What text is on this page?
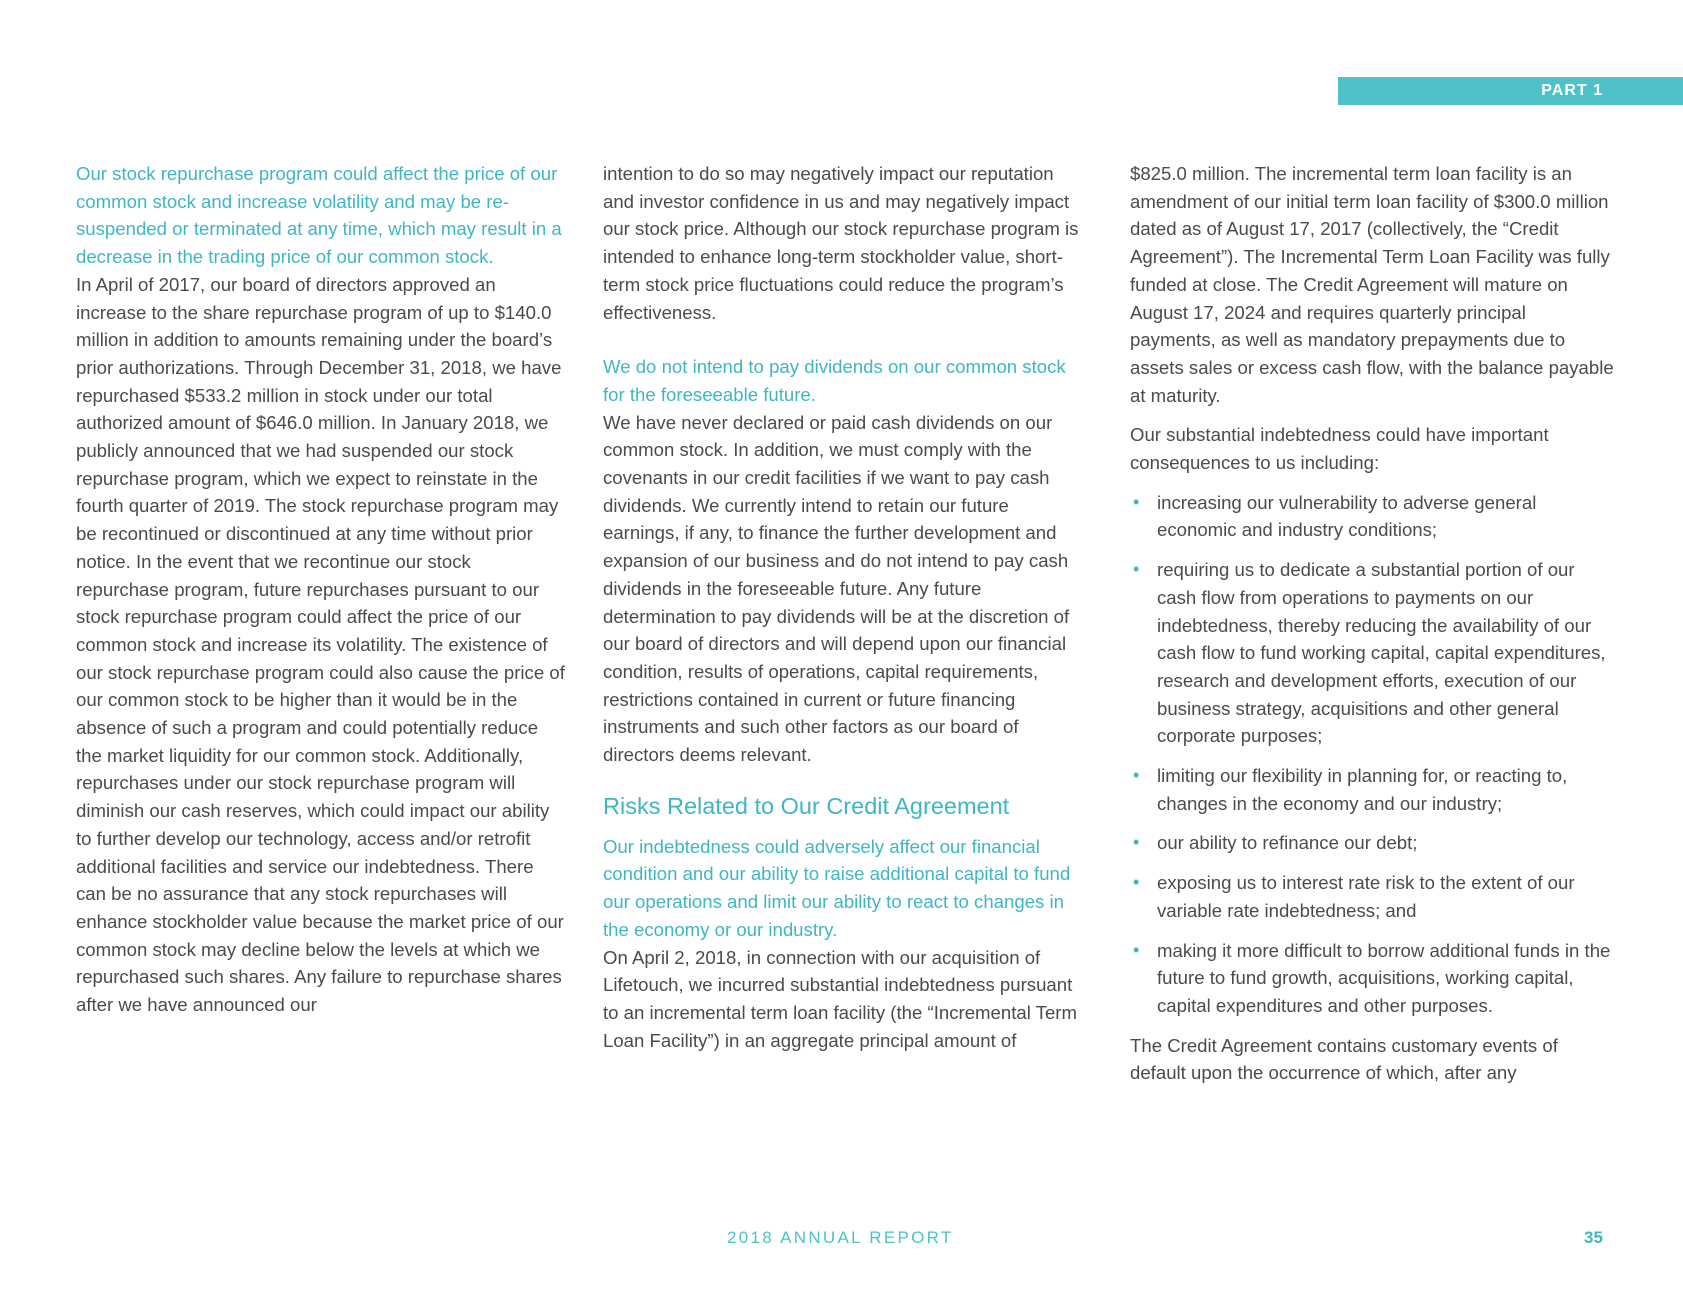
PART 1

Our stock repurchase program could affect the price of our common stock and increase volatility and may be re-suspended or terminated at any time, which may result in a decrease in the trading price of our common stock.

In April of 2017, our board of directors approved an increase to the share repurchase program of up to $140.0 million in addition to amounts remaining under the board’s prior authorizations. Through December 31, 2018, we have repurchased $533.2 million in stock under our total authorized amount of $646.0 million. In January 2018, we publicly announced that we had suspended our stock repurchase program, which we expect to reinstate in the fourth quarter of 2019. The stock repurchase program may be recontinued or discontinued at any time without prior notice. In the event that we recontinue our stock repurchase program, future repurchases pursuant to our stock repurchase program could affect the price of our common stock and increase its volatility. The existence of our stock repurchase program could also cause the price of our common stock to be higher than it would be in the absence of such a program and could potentially reduce the market liquidity for our common stock. Additionally, repurchases under our stock repurchase program will diminish our cash reserves, which could impact our ability to further develop our technology, access and/or retrofit additional facilities and service our indebtedness. There can be no assurance that any stock repurchases will enhance stockholder value because the market price of our common stock may decline below the levels at which we repurchased such shares. Any failure to repurchase shares after we have announced our

intention to do so may negatively impact our reputation and investor confidence in us and may negatively impact our stock price. Although our stock repurchase program is intended to enhance long-term stockholder value, short-term stock price fluctuations could reduce the program’s effectiveness.

We do not intend to pay dividends on our common stock for the foreseeable future.

We have never declared or paid cash dividends on our common stock. In addition, we must comply with the covenants in our credit facilities if we want to pay cash dividends. We currently intend to retain our future earnings, if any, to finance the further development and expansion of our business and do not intend to pay cash dividends in the foreseeable future. Any future determination to pay dividends will be at the discretion of our board of directors and will depend upon our financial condition, results of operations, capital requirements, restrictions contained in current or future financing instruments and such other factors as our board of directors deems relevant.

Risks Related to Our Credit Agreement

Our indebtedness could adversely affect our financial condition and our ability to raise additional capital to fund our operations and limit our ability to react to changes in the economy or our industry.

On April 2, 2018, in connection with our acquisition of Lifetouch, we incurred substantial indebtedness pursuant to an incremental term loan facility (the “Incremental Term Loan Facility”) in an aggregate principal amount of

$825.0 million. The incremental term loan facility is an amendment of our initial term loan facility of $300.0 million dated as of August 17, 2017 (collectively, the “Credit Agreement”). The Incremental Term Loan Facility was fully funded at close. The Credit Agreement will mature on August 17, 2024 and requires quarterly principal payments, as well as mandatory prepayments due to assets sales or excess cash flow, with the balance payable at maturity.

Our substantial indebtedness could have important consequences to us including:

• increasing our vulnerability to adverse general economic and industry conditions;
• requiring us to dedicate a substantial portion of our cash flow from operations to payments on our indebtedness, thereby reducing the availability of our cash flow to fund working capital, capital expenditures, research and development efforts, execution of our business strategy, acquisitions and other general corporate purposes;
• limiting our flexibility in planning for, or reacting to, changes in the economy and our industry;
• our ability to refinance our debt;
• exposing us to interest rate risk to the extent of our variable rate indebtedness; and
• making it more difficult to borrow additional funds in the future to fund growth, acquisitions, working capital, capital expenditures and other purposes.

The Credit Agreement contains customary events of default upon the occurrence of which, after any

2018 ANNUAL REPORT	35
